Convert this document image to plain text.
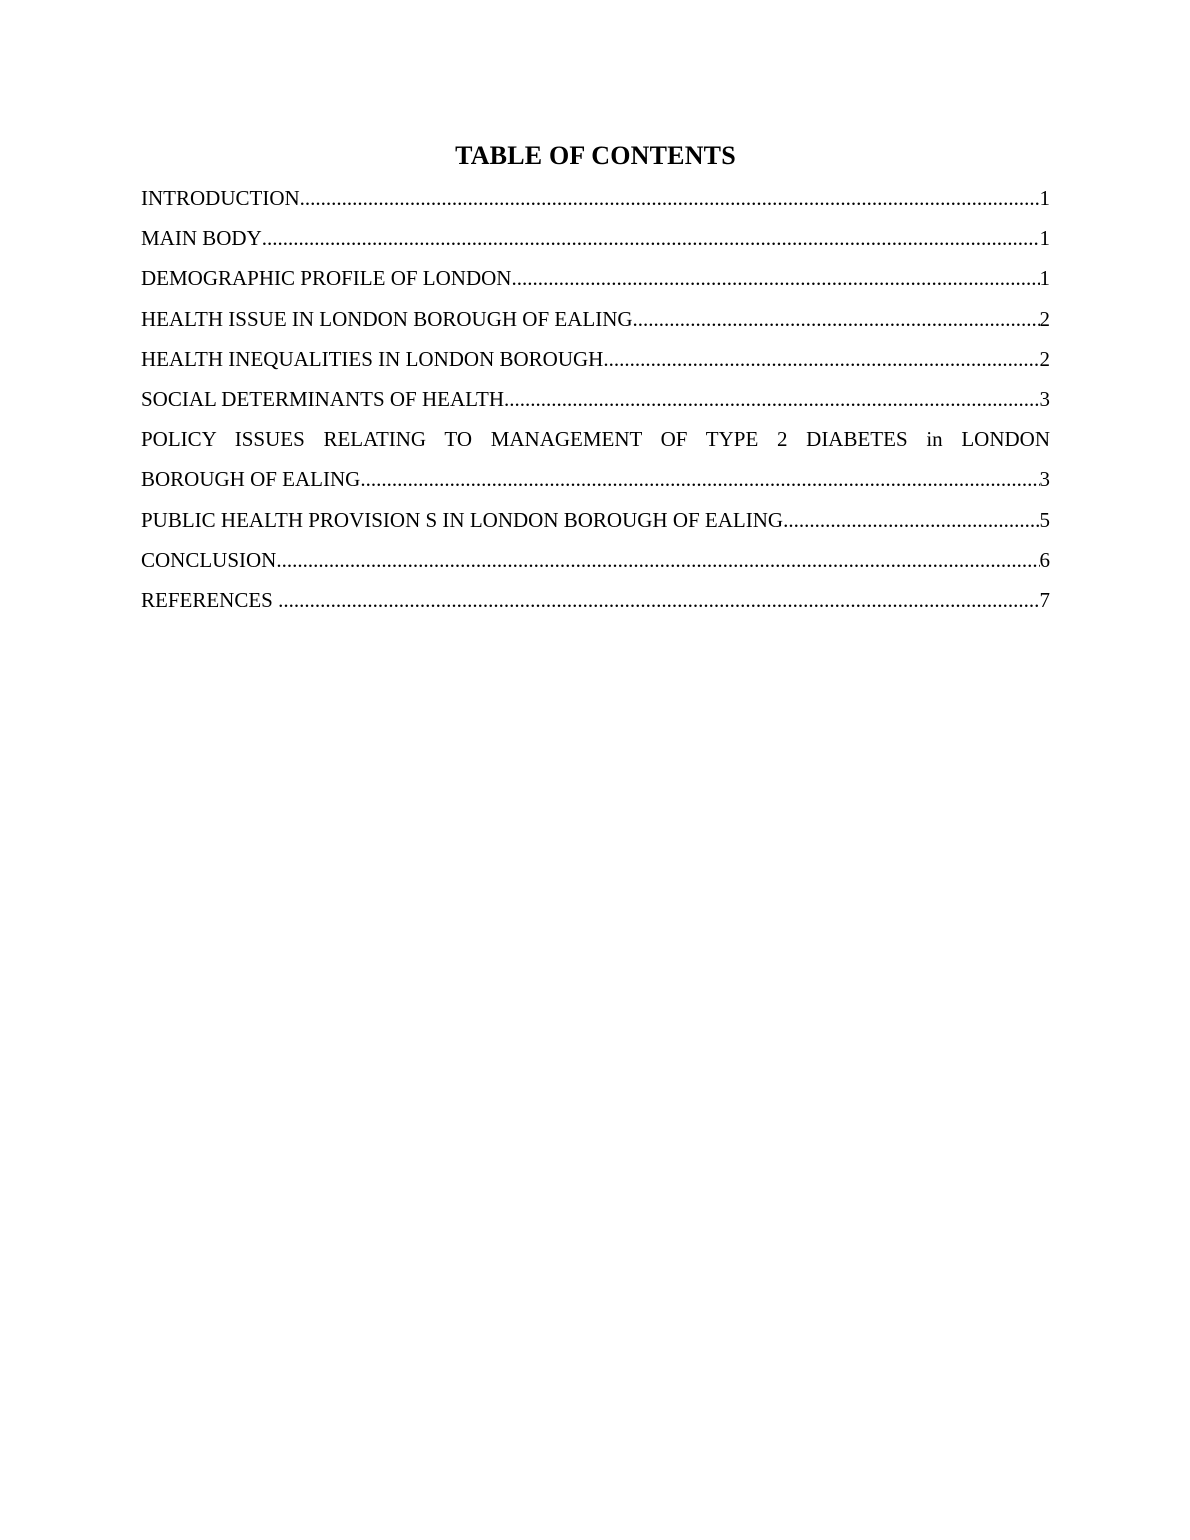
TABLE OF CONTENTS
INTRODUCTION .....	1
MAIN BODY .....	1
DEMOGRAPHIC PROFILE OF LONDON .....	1
HEALTH ISSUE IN LONDON BOROUGH OF EALING .....	2
HEALTH INEQUALITIES IN LONDON BOROUGH .....	2
SOCIAL DETERMINANTS OF HEALTH .....	3
POLICY ISSUES RELATING TO MANAGEMENT OF TYPE 2 DIABETES in LONDON
BOROUGH OF EALING .....	3
PUBLIC HEALTH PROVISION S IN LONDON BOROUGH OF EALING .....	5
CONCLUSION .....	6
REFERENCES .....	7
